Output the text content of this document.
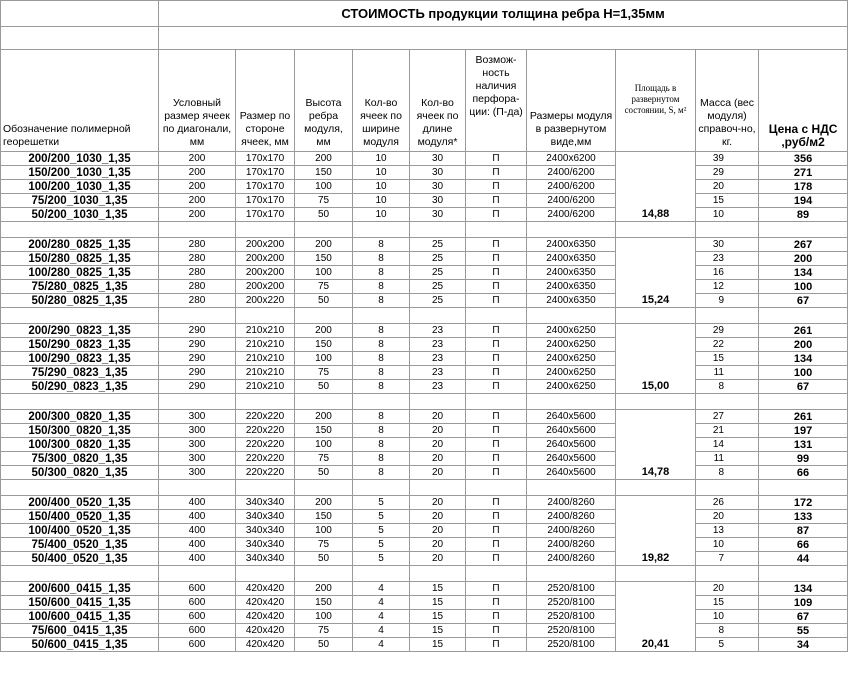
	СТОИМОСТЬ продукции толщина ребра Н=1,35мм									

Обозначение полимерной георешетки	Условный размер ячеек по диагонали, мм	Размер по стороне ячеек, мм	Высота ребра модуля, мм	Кол-во ячеек по ширине модуля	Кол-во ячеек по длине модуля*	Возмож- ность наличия перфора- ции: (П-да)	Размеры модуля в развернутом виде,мм	Площадь в развернутом состоянии, S, м²	Масса (вес модуля) справоч-но, кг.	Цена с НДС ,руб/м2
200/200_1030_1,35	200	170x170	200	10	30	П	2400x6200	14,88	39	356
150/200_1030_1,35	200	170x170	150	10	30	П	2400/6200		29	271
100/200_1030_1,35	200	170x170	100	10	30	П	2400/6200		20	178
75/200_1030_1,35	200	170x170	75	10	30	П	2400/6200		15	194
50/200_1030_1,35	200	170x170	50	10	30	П	2400/6200		10	89

200/280_0825_1,35	280	200x200	200	8	25	П	2400x6350	15,24	30	267
150/280_0825_1,35	280	200x200	150	8	25	П	2400x6350		23	200
100/280_0825_1,35	280	200x200	100	8	25	П	2400x6350		16	134
75/280_0825_1,35	280	200x200	75	8	25	П	2400x6350		12	100
50/280_0825_1,35	280	200x220	50	8	25	П	2400x6350		9	67

200/290_0823_1,35	290	210x210	200	8	23	П	2400x6250	15,00	29	261
150/290_0823_1,35	290	210x210	150	8	23	П	2400x6250		22	200
100/290_0823_1,35	290	210x210	100	8	23	П	2400x6250		15	134
75/290_0823_1,35	290	210x210	75	8	23	П	2400x6250		11	100
50/290_0823_1,35	290	210x210	50	8	23	П	2400x6250		8	67

200/300_0820_1,35	300	220x220	200	8	20	П	2640x5600	14,78	27	261
150/300_0820_1,35	300	220x220	150	8	20	П	2640x5600		21	197
100/300_0820_1,35	300	220x220	100	8	20	П	2640x5600		14	131
75/300_0820_1,35	300	220x220	75	8	20	П	2640x5600		11	99
50/300_0820_1,35	300	220x220	50	8	20	П	2640x5600		8	66

200/400_0520_1,35	400	340x340	200	5	20	П	2400/8260	19,82	26	172
150/400_0520_1,35	400	340x340	150	5	20	П	2400/8260		20	133
100/400_0520_1,35	400	340x340	100	5	20	П	2400/8260		13	87
75/400_0520_1,35	400	340x340	75	5	20	П	2400/8260		10	66
50/400_0520_1,35	400	340x340	50	5	20	П	2400/8260		7	44

200/600_0415_1,35	600	420x420	200	4	15	П	2520/8100	20,41	20	134
150/600_0415_1,35	600	420x420	150	4	15	П	2520/8100		15	109
100/600_0415_1,35	600	420x420	100	4	15	П	2520/8100		10	67
75/600_0415_1,35	600	420x420	75	4	15	П	2520/8100		8	55
50/600_0415_1,35	600	420x420	50	4	15	П	2520/8100		5	34
